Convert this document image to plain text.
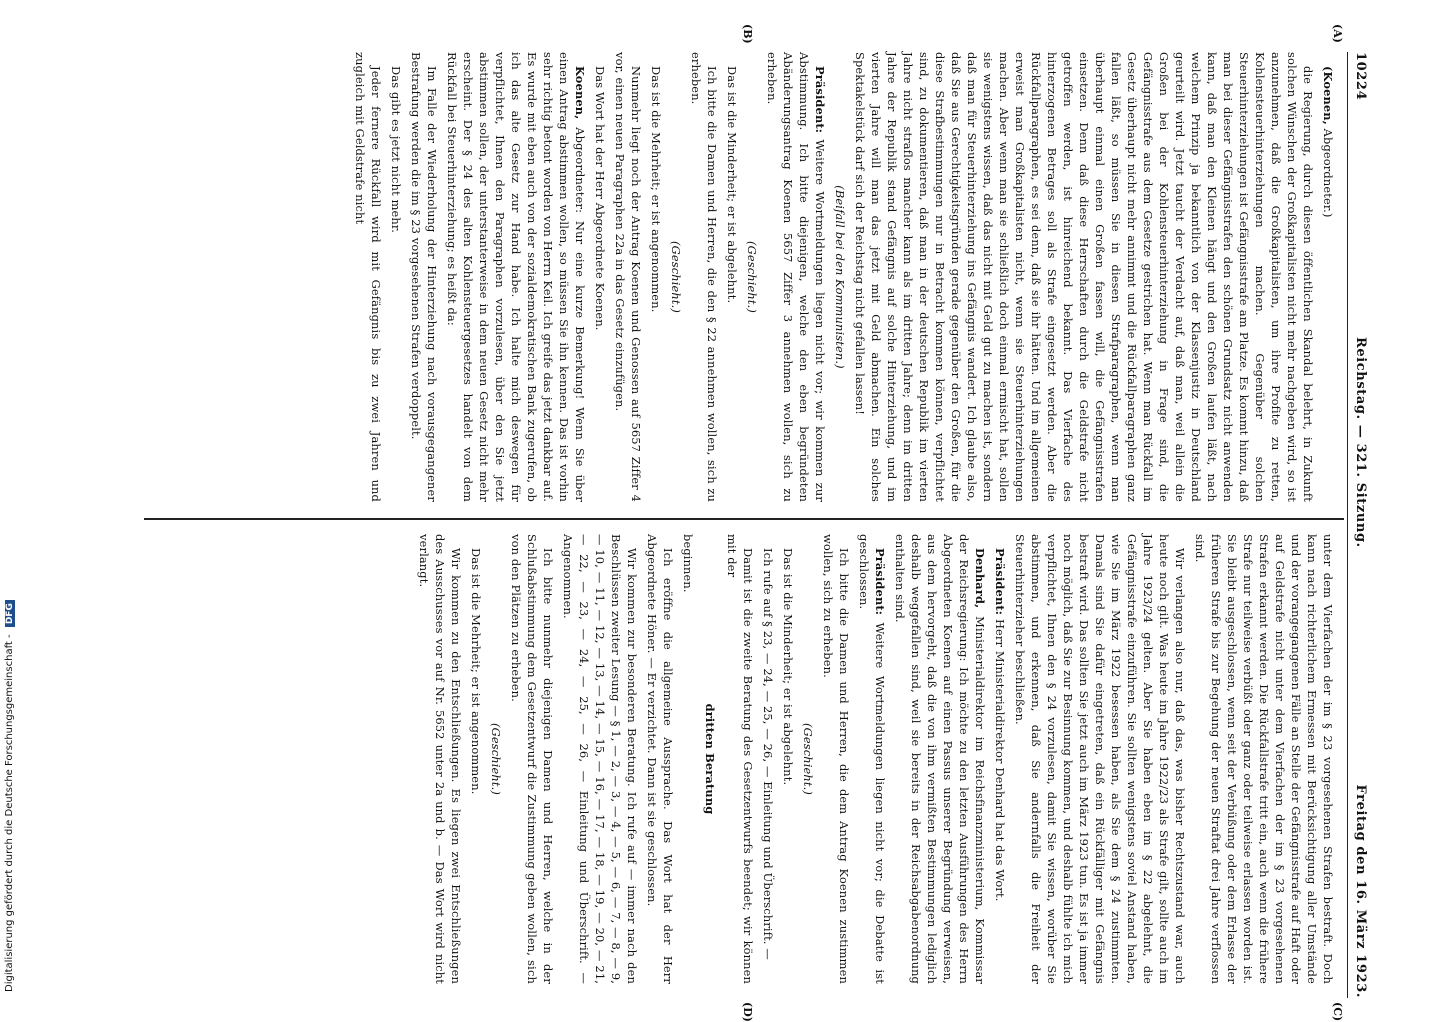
10224
Reichstag. — 321. Sitzung.
Freitag den 16. März 1923.
(A)
(B)
(C)
(D)

(Koenen, Abgeordneter.)

die Regierung, durch diesen öffentlichen Skandal belehrt, in Zukunft solchen Wünschen der Großkapitalisten nicht mehr nachgeben wird, so ist anzunehmen, daß die Großkapitalisten, um ihre Profite zu retten, Kohlensteuerhinterziehungen machen. Gegenüber solchen Steuerhinterziehungen ist Gefängnisstrafe am Platze. Es kommt hinzu, daß man bei dieser Gefängnisstrafen den schönen Grundsatz nicht anwenden kann, daß man den Kleinen hängt und den Großen laufen läßt, nach welchem Prinzip ja bekanntlich von der Klassenjustiz in Deutschland geurteilt wird. Jetzt taucht der Verdacht auf, daß man, weil allein die Großen bei der Kohlensteuerhinterziehung in Frage sind, die Gefängnisstrafe aus dem Gesetze gestrichen hat. Wenn man Rückfall im Gesetz überhaupt nicht mehr annimmt und die Rückfallparagraphen ganz fallen läßt, so müssen Sie in diesen Strafparagraphen, wenn man überhaupt einmal einen Großen fassen will, die Gefängnisstrafen einsetzen. Denn daß diese Herrschaften durch die Geldstrafe nicht getroffen werden, ist hinreichend bekannt. Das Vierfache des hinterzogenen Betrages soll als Strafe eingesetzt werden. Aber die Rückfallparagraphen, es sei denn, daß sie ihr hätten. Und im allgemeinen erweist man Großkapitalisten nicht, wenn sie Steuerhinterziehungen machen. Aber wenn man sie schließlich doch einmal ermischt hat, sollen sie wenigstens wissen, daß das nicht mit Geld gut zu machen ist, sondern daß man für Steuerhinterziehung ins Gefängnis wandert. Ich glaube also, daß Sie aus Gerechtigkeitsgründen gerade gegenüber den Großen, für die diese Strafbestimmungen nur in Betracht kommen können, verpflichtet sind, zu dokumentieren, daß man in der deutschen Republik im vierten Jahre nicht straflos mancher kann als im dritten Jahre; denn im dritten Jahre der Republik stand Gefängnis auf solche Hinterziehung, und im vierten Jahre will man das jetzt mit Geld abmachen. Ein solches Spektakelstück darf sich der Reichstag nicht gefallen lassen!

(Beifall bei den Kommunisten.)

Präsident: Weitere Wortmeldungen liegen nicht vor; wir kommen zur Abstimmung. Ich bitte diejenigen, welche den eben begründeten Abänderungsantrag Koenen 5657 Ziffer 3 annehmen wollen, sich zu erheben.

(Geschieht.)

Das ist die Minderheit; er ist abgelehnt.

Ich bitte die Damen und Herren, die den § 22 annehmen wollen, sich zu erheben.

(Geschieht.)

Das ist die Mehrheit; er ist angenommen.

Nunmehr liegt noch der Antrag Koenen und Genossen auf 5657 Ziffer 4 vor, einen neuen Paragraphen 22a in das Gesetz einzufügen.

Das Wort hat der Herr Abgeordnete Koenen.

Koenen, Abgeordneter: Nur eine kurze Bemerkung! Wenn Sie über einen Antrag abstimmen wollen, so müssen Sie ihn kennen. Das ist vorhin sehr richtig betont worden von Herrn Keil. Ich greife das jetzt dankbar auf. Es wurde mit eben auch von der sozialdemokratischen Bank zugerufen, ob ich das alte Gesetz zur Hand habe. Ich halte mich deswegen für verpflichtet, Ihnen den Paragraphen vorzulesen, über den Sie jetzt abstimmen sollen, der unterstanterweise in dem neuen Gesetz nicht mehr erscheint. Der § 24 des alten Kohlensteuergesetzes handelt von dem Rückfall bei Steuerhinterziehung; es heißt da:

Im Falle der Wiederholung der Hinterziehung nach vorausgegangener Bestrafung werden die im § 23 vorgesehenen Strafen verdoppelt.

Das gibt es jetzt nicht mehr.

Jeder fernere Rückfall wird mit Gefängnis bis zu zwei Jahren und zugleich mit Geldstrafe nicht

unter dem Vierfachen der im § 23 vorgesehenen Strafen bestraft. Doch kann nach richterlichem Ermessen mit Berücksichtigung aller Umstände und der vorangegangenen Fälle an Stelle der Gefängnisstrafe auf Haft oder auf Geldstrafe nicht unter dem Vierfachen der im § 23 vorgesehenen Strafen erkannt werden. Die Rückfallstrafe tritt ein, auch wenn die frühere Strafe nur teilweise verbüßt oder ganz oder teilweise erlassen worden ist. Sie bleibt ausgeschlossen, wenn seit der Verbüßung oder dem Erlasse der früheren Strafe bis zur Begehung der neuen Straftat drei Jahre verflossen sind.

Wir verlangen also nur, daß das, was bisher Rechtszustand war, auch heute noch gilt. Was heute im Jahre 1922/23 als Strafe gilt, sollte auch im Jahre 1923/24 gelten. Aber Sie haben eben im § 22 abgelehnt, die Gefängnisstrafe einzuführen. Sie sollten wenigstens soviel Anstand haben, wie Sie im März 1922 besessen haben, als Sie dem § 24 zustimmten. Damals sind Sie dafür eingetreten, daß ein Rückfälliger mit Gefängnis bestraft wird. Das sollten Sie jetzt auch im März 1923 tun. Es ist ja immer noch möglich, daß Sie zur Besinnung kommen, und deshalb fühlte ich mich verpflichtet, Ihnen den § 24 vorzulesen, damit Sie wissen, worüber Sie abstimmen, und erkennen, daß Sie andernfalls die Freiheit der Steuerhinterzieher beschließen.

Präsident: Herr Ministerialdirektor Denhard hat das Wort.

Denhard, Ministerialdirektor im Reichsfinanzministerium, Kommissar der Reichsregierung: Ich möchte zu den letzten Ausführungen des Herrn Abgeordneten Koenen auf einen Passus unserer Begründung verweisen, aus dem hervorgeht, daß die von ihm vermißten Bestimmungen lediglich deshalb weggefallen sind, weil sie bereits in der Reichsabgabenordnung enthalten sind.

Präsident: Weitere Wortmeldungen liegen nicht vor; die Debatte ist geschlossen.

Ich bitte die Damen und Herren, die dem Antrag Koenen zustimmen wollen, sich zu erheben.

(Geschieht.)

Das ist die Minderheit; er ist abgelehnt.

Ich rufe auf § 23, — 24, — 25, — 26, — Einleitung und Überschrift. —

Damit ist die zweite Beratung des Gesetzentwurfs beendet; wir können mit der

dritten Beratung

beginnen.

Ich eröffne die allgemeine Aussprache. Das Wort hat der Herr Abgeordnete Höner. — Er verzichtet. Dann ist sie geschlossen.

Wir kommen zur besonderen Beratung. Ich rufe auf — immer nach den Beschlüssen zweiter Lesung — § 1, — 2, — 3, — 4, — 5, — 6, — 7, — 8, — 9, — 10, — 11, — 12, — 13, — 14, — 15, — 16, — 17, — 18, — 19, — 20, — 21, — 22, — 23, — 24, — 25, — 26, — Einleitung und Überschrift. — Angenommen.

Ich bitte nunmehr diejenigen Damen und Herren, welche in der Schlußabstimmung dem Gesetzentwurf die Zustimmung geben wollen, sich von den Plätzen zu erheben.

(Geschieht.)

Das ist die Mehrheit; er ist angenommen.

Wir kommen zu den Entschließungen. Es liegen zwei Entschließungen des Ausschusses vor auf Nr. 5652 unter 2a und b. — Das Wort wird nicht verlangt.

Digitalisierung gefördert durch die Deutsche Forschungsgemeinschaft - DFG
